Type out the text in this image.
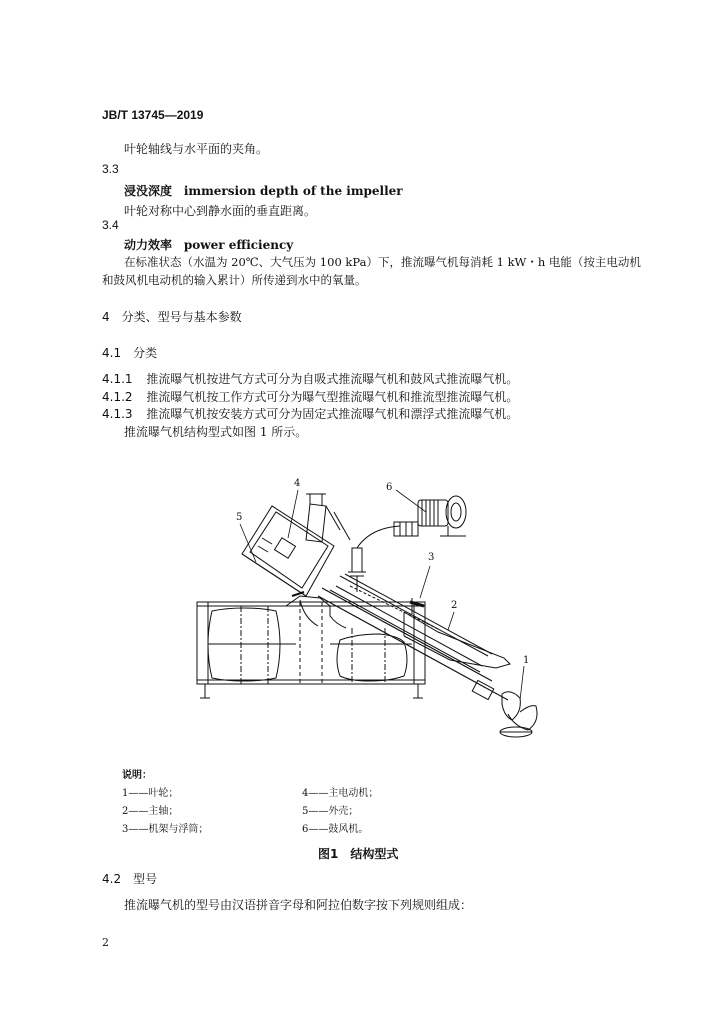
JB/T 13745—2019
叶轮轴线与水平面的夹角。
3.3
浸没深度 immersion depth of the impeller
叶轮对称中心到静水面的垂直距离。
3.4
动力效率 power efficiency
在标准状态（水温为 20℃、大气压为 100 kPa）下，推流曝气机每消耗 1 kW・h 电能（按主电动机
和鼓风机电动机的输入累计）所传递到水中的氧量。
4　分类、型号与基本参数
4.1　分类
4.1.1 推流曝气机按进气方式可分为自吸式推流曝气机和鼓风式推流曝气机。
4.1.2 推流曝气机按工作方式可分为曝气型推流曝气机和推流型推流曝气机。
4.1.3 推流曝气机按安装方式可分为固定式推流曝气机和漂浮式推流曝气机。
推流曝气机结构型式如图 1 所示。
1
2
3
4
5
6
说明：
1——叶轮；	4——主电动机；
2——主轴；	5——外壳；
3——机架与浮筒；	6——鼓风机。
图1　结构型式
4.2　型号
推流曝气机的型号由汉语拼音字母和阿拉伯数字按下列规则组成：
2
